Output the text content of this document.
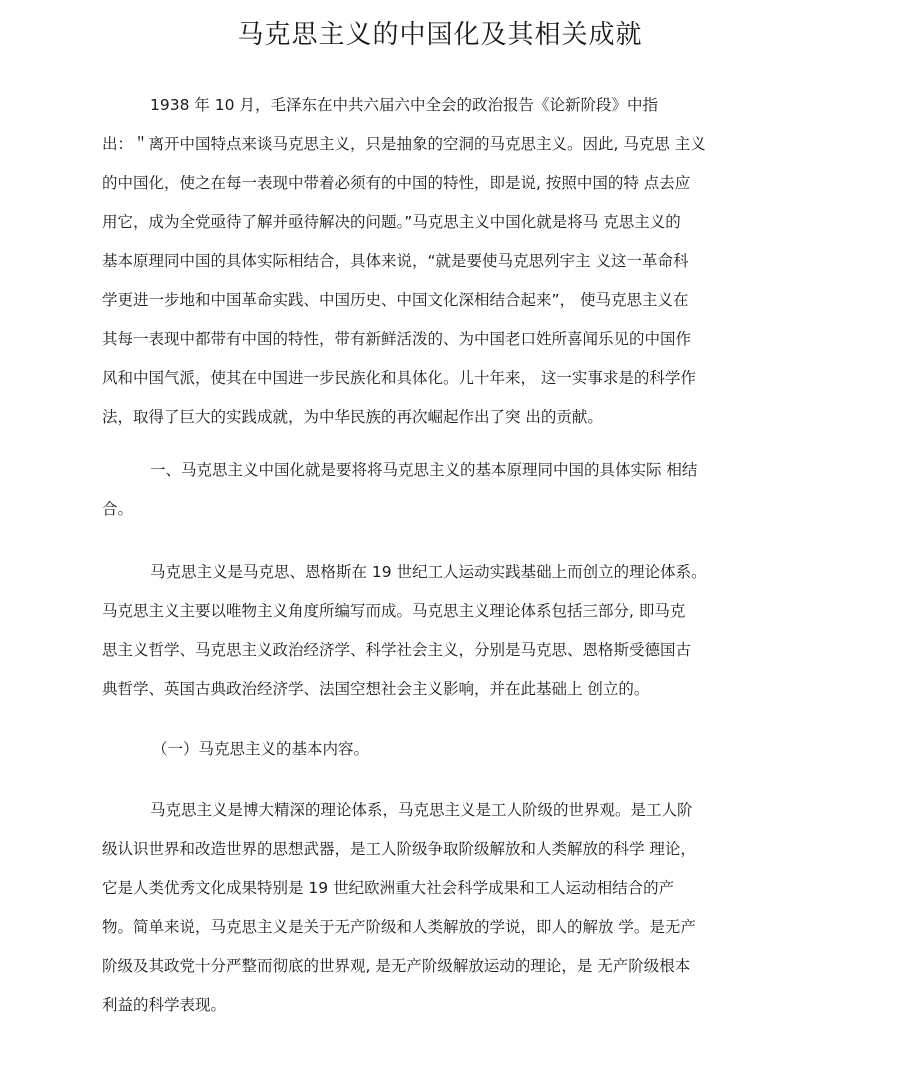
马克思主义的中国化及其相关成就
1938 年 10 月，毛泽东在中共六届六中全会的政治报告《论新阶段》中指
出：＂离开中国特点来谈马克思主义，只是抽象的空洞的马克思主义。因此, 马克思 主义
的中国化，使之在每一表现中带着必须有的中国的特性，即是说, 按照中国的特 点去应
用它，成为全党亟待了解并亟待解决的问题。”马克思主义中国化就是将马 克思主义的
基本原理同中国的具体实际相结合，具体来说，“就是要使马克思列宇主 义这一革命科
学更进一步地和中国革命实践、中国历史、中国文化深相结合起来”， 使马克思主义在
其每一表现中都带有中国的特性，带有新鲜活泼的、为中国老口姓所喜闻乐见的中国作
风和中国气派，使其在中国进一步民族化和具体化。儿十年来， 这一实事求是的科学作
法，取得了巨大的实践成就，为中华民族的再次崛起作出了突 出的贡献。
一、马克思主义中国化就是要将将马克思主义的基本原理同中国的具体实际 相结
合。
马克思主义是马克思、恩格斯在 19 世纪工人运动实践基础上而创立的理论体系。
马克思主义主要以唯物主义角度所编写而成。马克思主义理论体系包括三部分, 即马克
思主义哲学、马克思主义政治经济学、科学社会主义，分别是马克思、恩格斯受德国古
典哲学、英国古典政治经济学、法国空想社会主义影响，并在此基础上 创立的。
（一）马克思主义的基本内容。
马克思主义是博大精深的理论体系，马克思主义是工人阶级的世界观。是工人阶
级认识世界和改造世界的思想武器，是工人阶级争取阶级解放和人类解放的科学 理论，
它是人类优秀文化成果特别是 19 世纪欧洲重大社会科学成果和工人运动相结合的产
物。简单来说，马克思主义是关于无产阶级和人类解放的学说，即人的解放 学。是无产
阶级及其政党十分严整而彻底的世界观, 是无产阶级解放运动的理论，是 无产阶级根本
利益的科学表现。
